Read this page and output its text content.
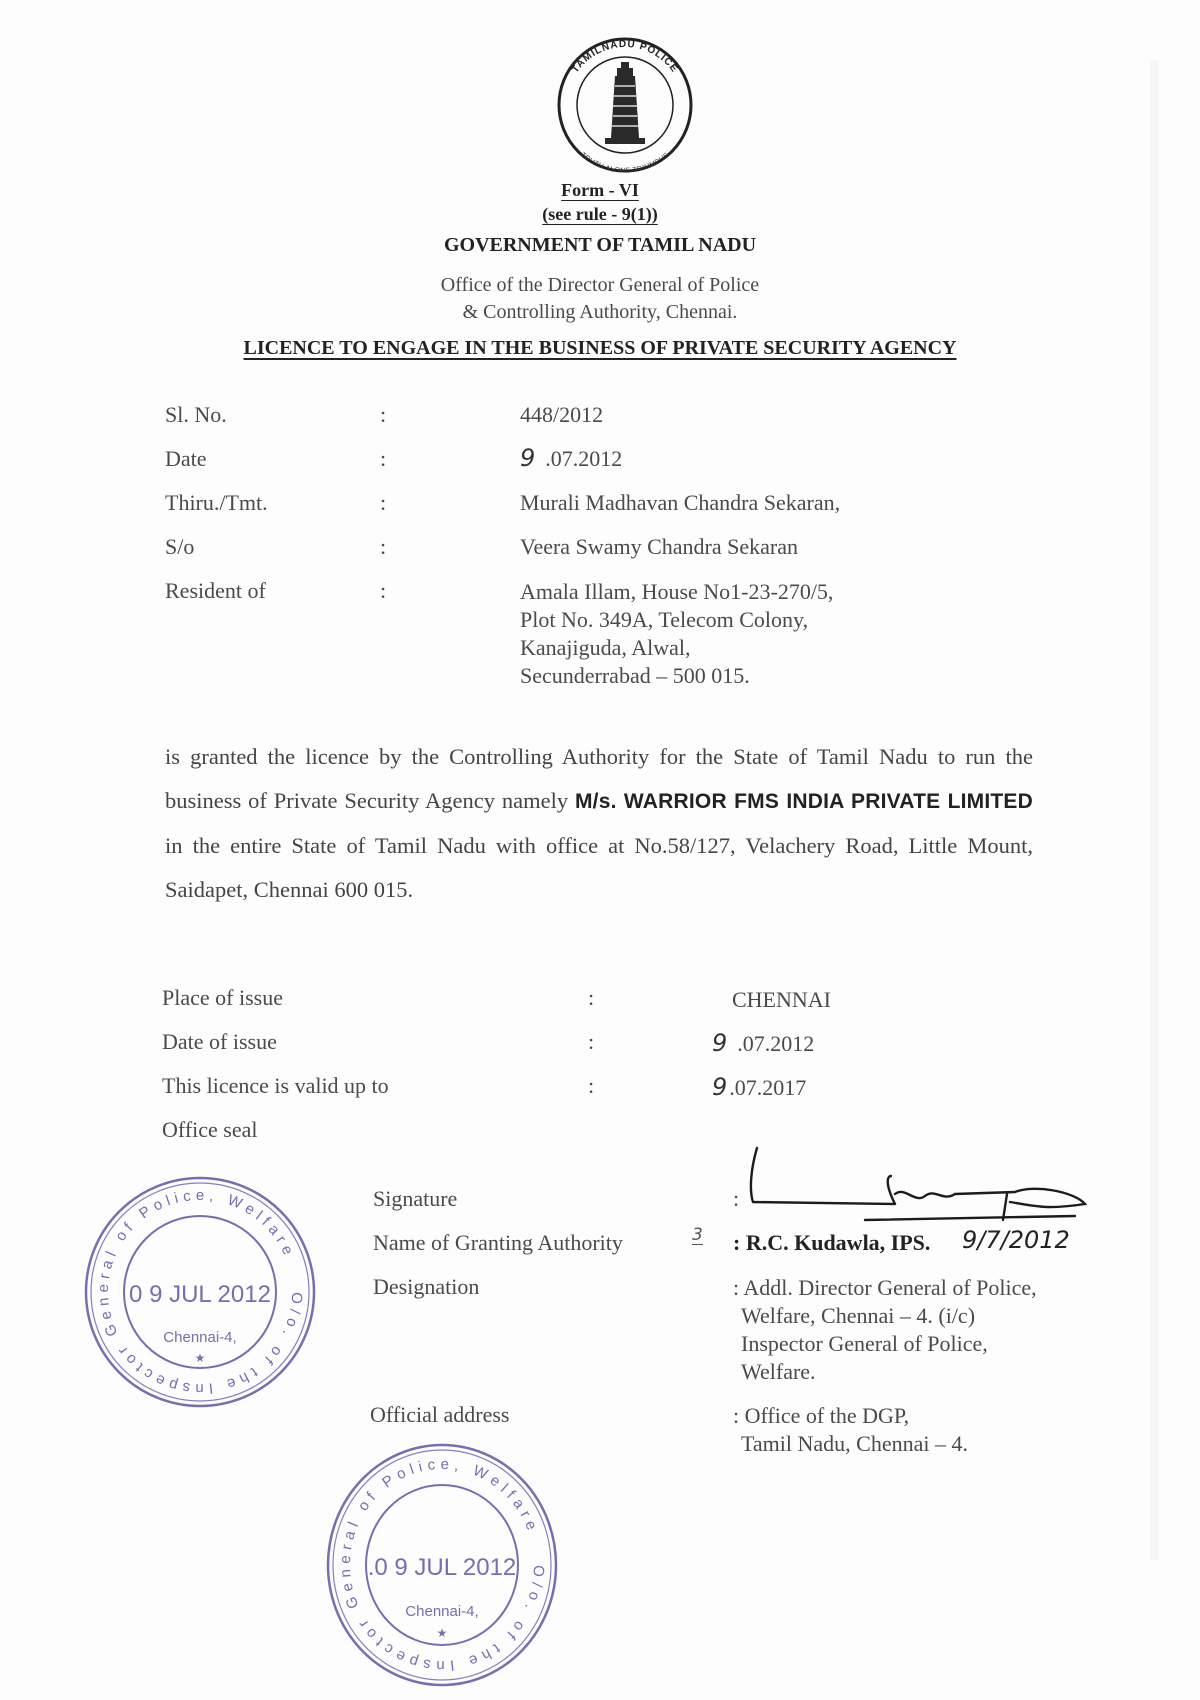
TAMILNADU POLICE
TRUTH ALONE TRIUMPHS
Form - VI
(see rule - 9(1))
GOVERNMENT OF TAMIL NADU
Office of the Director General of Police
& Controlling Authority, Chennai.
LICENCE TO ENGAGE IN THE BUSINESS OF PRIVATE SECURITY AGENCY
Sl. No.	:	448/2012
Date	:	9 .07.2012
Thiru./Tmt.	:	Murali Madhavan Chandra Sekaran,
S/o	:	Veera Swamy Chandra Sekaran
Resident of	:	Amala Illam, House No1-23-270/5,
Plot No. 349A, Telecom Colony,
Kanajiguda, Alwal,
Secunderrabad – 500 015.
is granted the licence by the Controlling Authority for the State of Tamil Nadu to run the business of Private Security Agency namely M/s. WARRIOR FMS INDIA PRIVATE LIMITED in the entire State of Tamil Nadu with office at No.58/127, Velachery Road, Little Mount, Saidapet, Chennai 600 015.
Place of issue	:	CHENNAI
Date of issue	:	9 .07.2012
This licence is valid up to	:	9.07.2017
Office seal
Signature	:
Name of Granting Authority	3 : R.C. Kudawla, IPS. 9/7/2012
Designation	: Addl. Director General of Police,
Welfare, Chennai – 4. (i/c)
Inspector General of Police,
Welfare.
Official address	: Office of the DGP,
Tamil Nadu, Chennai – 4.
O/o. of the Inspector General of Police, Welfare
0 9 JUL 2012
Chennai-4,
★
O/o. of the Inspector General of Police, Welfare
.0 9 JUL 2012
Chennai-4,
★
